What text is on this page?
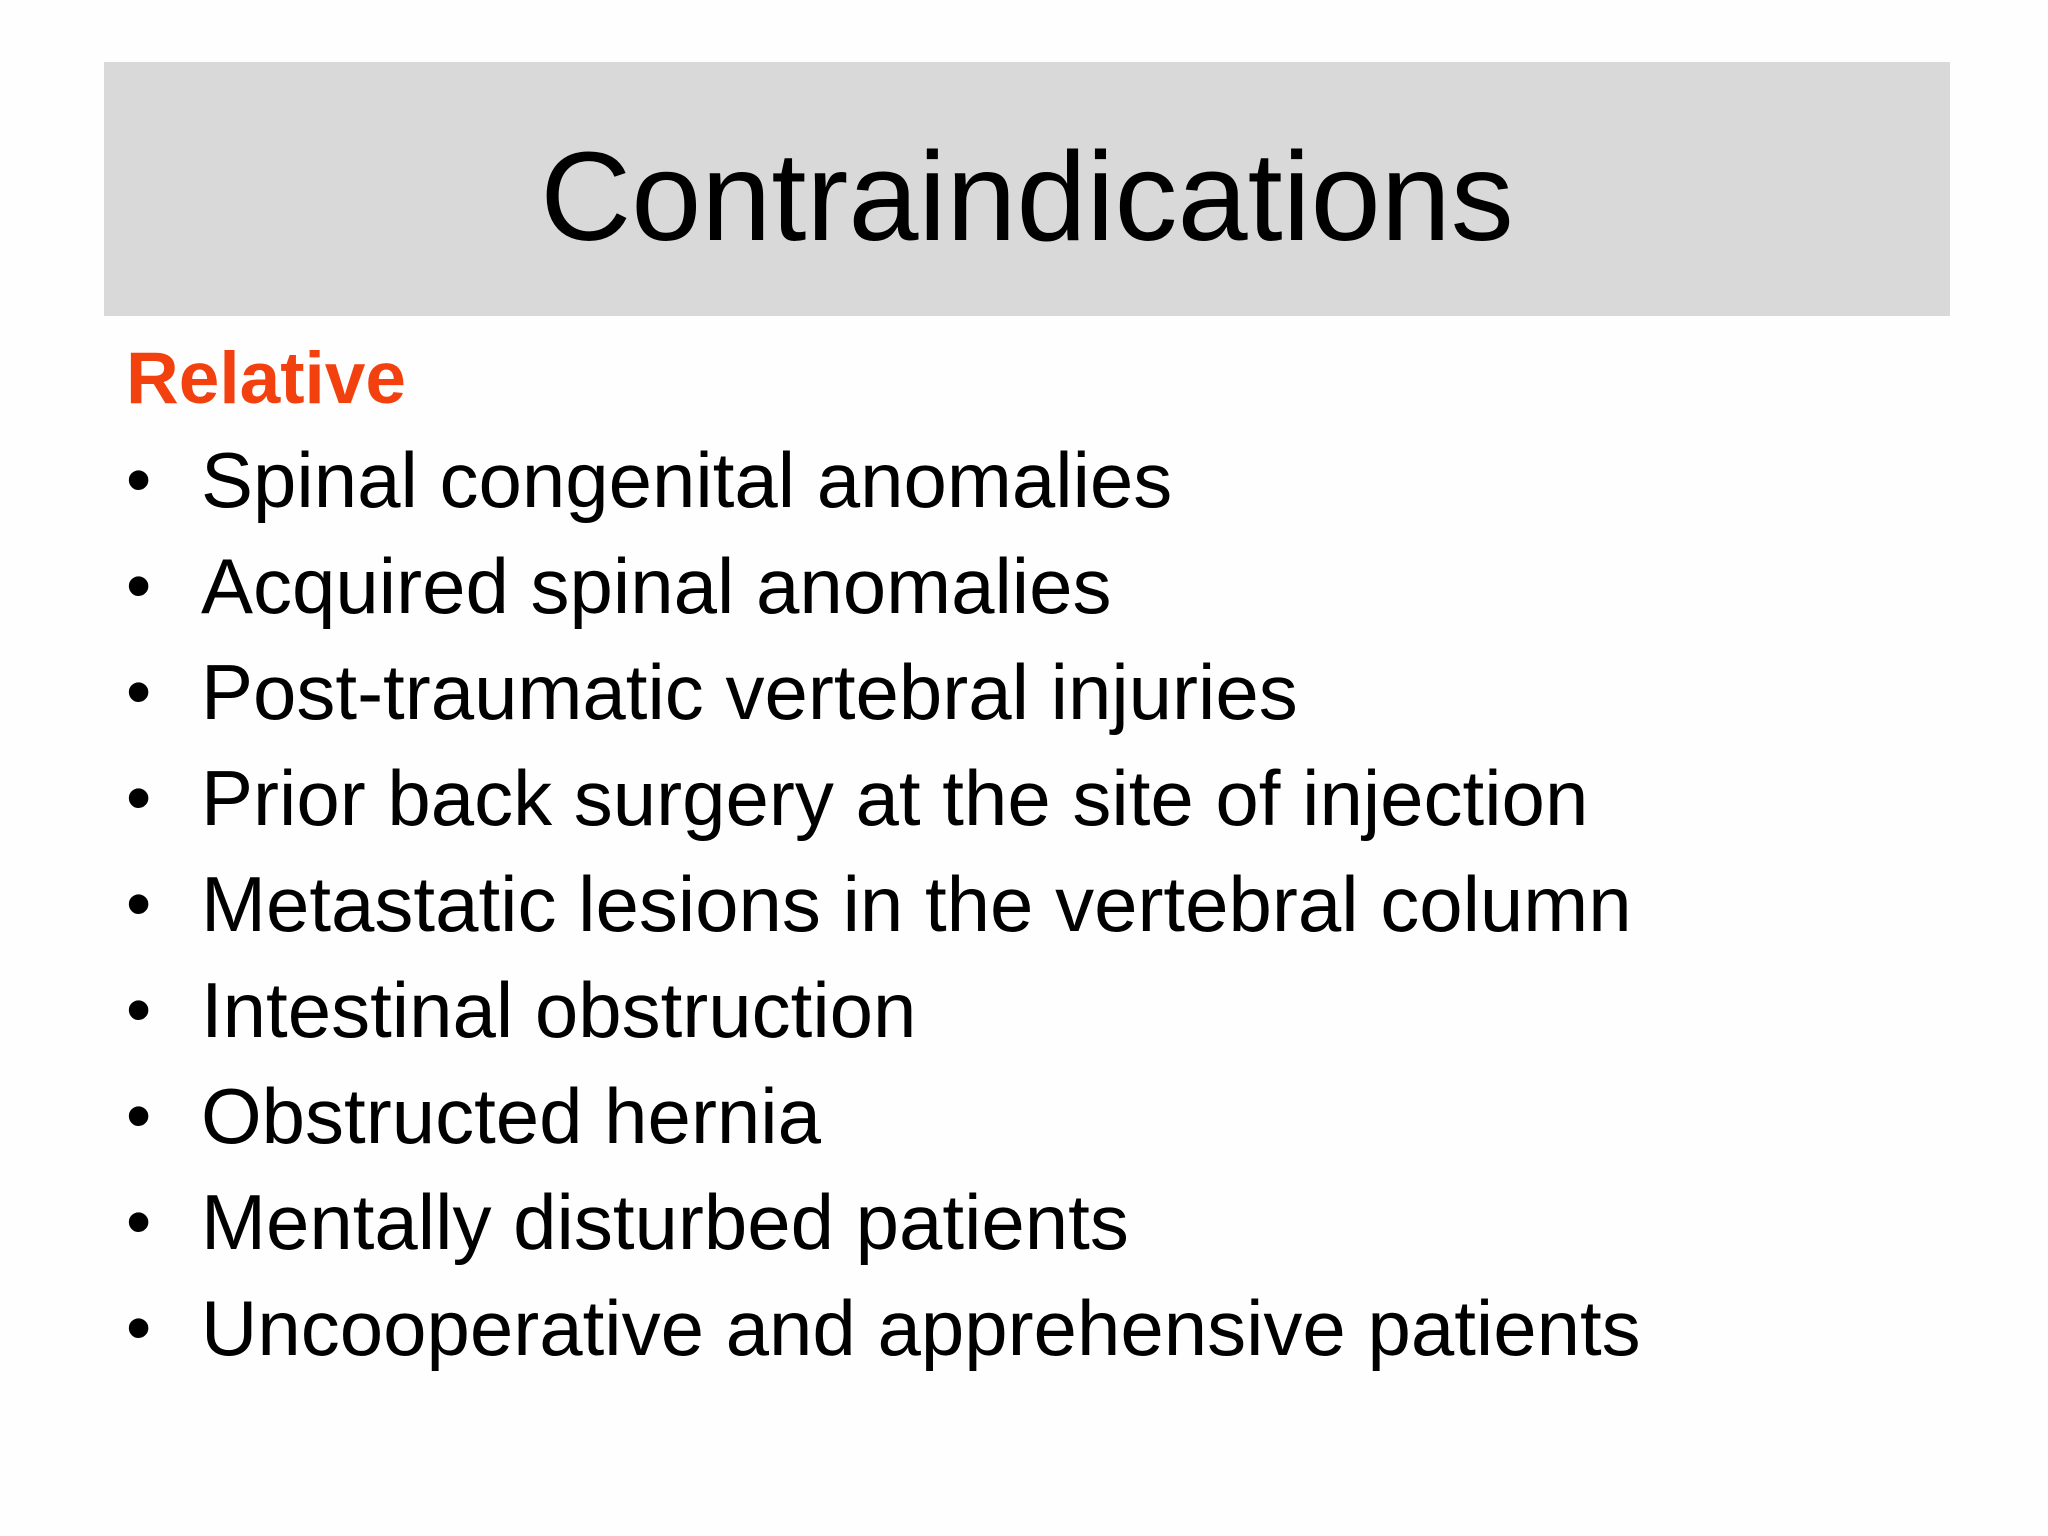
Contraindications
Relative
• Spinal congenital anomalies
• Acquired spinal anomalies
• Post-traumatic vertebral injuries
• Prior back surgery at the site of injection
• Metastatic lesions in the vertebral column
• Intestinal obstruction
• Obstructed hernia
• Mentally disturbed patients
• Uncooperative and apprehensive patients
